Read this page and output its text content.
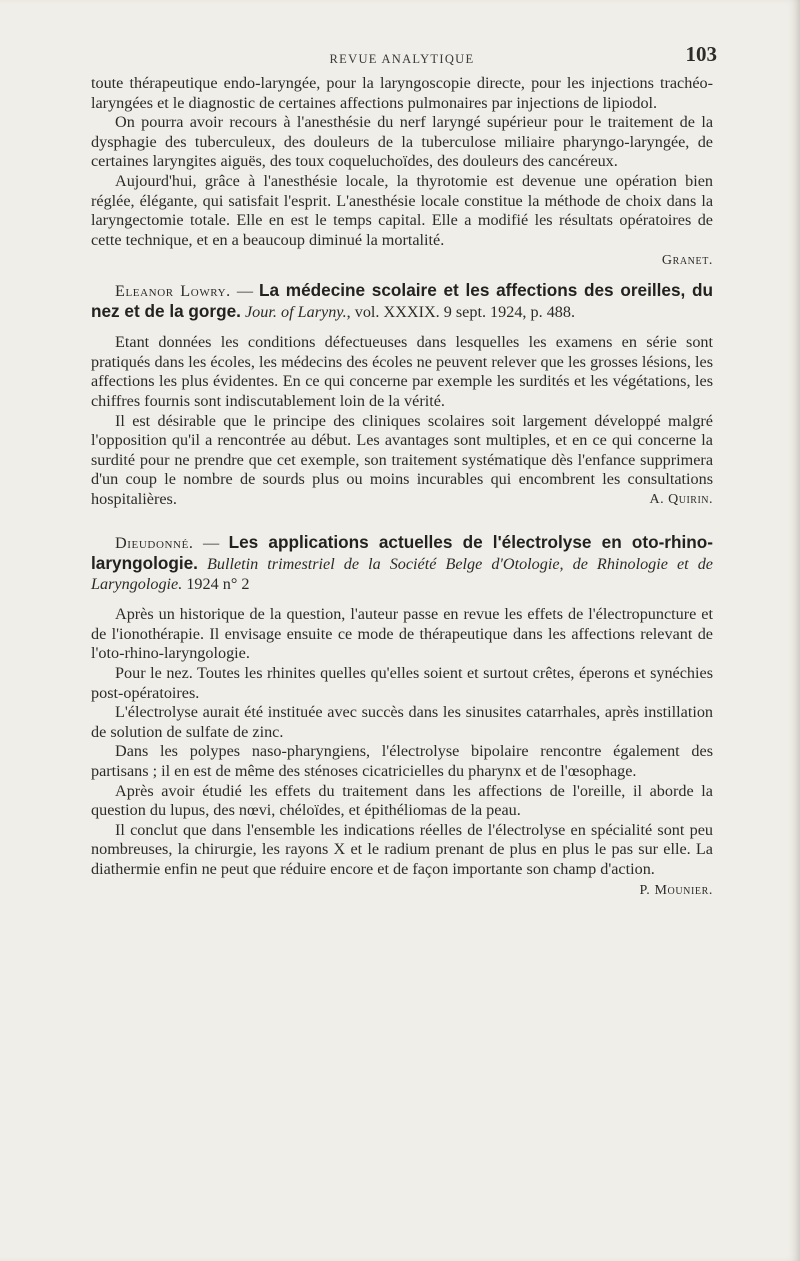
REVUE ANALYTIQUE	103

toute thérapeutique endo-laryngée, pour la laryngoscopie directe, pour les injections trachéo-laryngées et le diagnostic de certaines affections pulmonaires par injections de lipiodol.

On pourra avoir recours à l'anesthésie du nerf laryngé supérieur pour le traitement de la dysphagie des tuberculeux, des douleurs de la tuberculose miliaire pharyngo-laryngée, de certaines laryngites aiguës, des toux coqueluchoïdes, des douleurs des cancéreux.

Aujourd'hui, grâce à l'anesthésie locale, la thyrotomie est devenue une opération bien réglée, élégante, qui satisfait l'esprit. L'anesthésie locale constitue la méthode de choix dans la laryngectomie totale. Elle en est le temps capital. Elle a modifié les résultats opératoires de cette technique, et en a beaucoup diminué la mortalité.

Granet.

Eleanor Lowry. — La médecine scolaire et les affections des oreilles, du nez et de la gorge. Jour. of Laryny., vol. XXXIX. 9 sept. 1924, p. 488.

Etant données les conditions défectueuses dans lesquelles les examens en série sont pratiqués dans les écoles, les médecins des écoles ne peuvent relever que les grosses lésions, les affections les plus évidentes. En ce qui concerne par exemple les surdités et les végétations, les chiffres fournis sont indiscutablement loin de la vérité.

Il est désirable que le principe des cliniques scolaires soit largement développé malgré l'opposition qu'il a rencontrée au début. Les avantages sont multiples, et en ce qui concerne la surdité pour ne prendre que cet exemple, son traitement systématique dès l'enfance supprimera d'un coup le nombre de sourds plus ou moins incurables qui encombrent les consultations hospitalières.	A. Quirin.

Dieudonné. — Les applications actuelles de l'électrolyse en oto-rhino-laryngologie. Bulletin trimestriel de la Société Belge d'Otologie, de Rhinologie et de Laryngologie. 1924 n° 2

Après un historique de la question, l'auteur passe en revue les effets de l'électropuncture et de l'ionothérapie. Il envisage ensuite ce mode de thérapeutique dans les affections relevant de l'oto-rhino-laryngologie.

Pour le nez. Toutes les rhinites quelles qu'elles soient et surtout crêtes, éperons et synéchies post-opératoires.

L'électrolyse aurait été instituée avec succès dans les sinusites catarrhales, après instillation de solution de sulfate de zinc.

Dans les polypes naso-pharyngiens, l'électrolyse bipolaire rencontre également des partisans ; il en est de même des sténoses cicatricielles du pharynx et de l'œsophage.

Après avoir étudié les effets du traitement dans les affections de l'oreille, il aborde la question du lupus, des nœvi, chéloïdes, et épithéliomas de la peau.

Il conclut que dans l'ensemble les indications réelles de l'électrolyse en spécialité sont peu nombreuses, la chirurgie, les rayons X et le radium prenant de plus en plus le pas sur elle. La diathermie enfin ne peut que réduire encore et de façon importante son champ d'action.

P. Mounier.
